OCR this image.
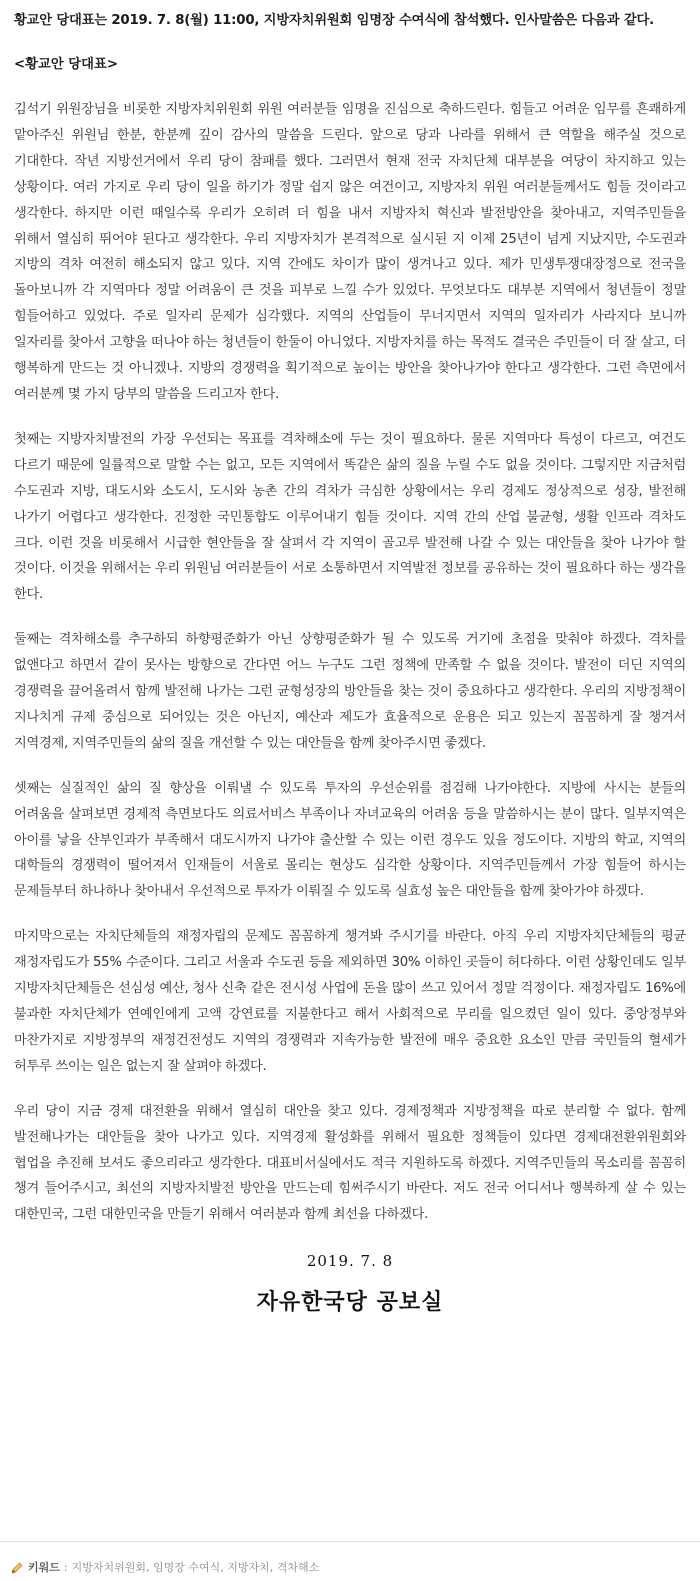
황교안 당대표는 2019. 7. 8(월) 11:00, 지방자치위원회 임명장 수여식에 참석했다. 인사말씀은 다음과 같다.

<황교안 당대표>

김석기 위원장님을 비롯한 지방자치위원회 위원 여러분들 임명을 진심으로 축하드린다. 힘들고 어려운 임무를 흔쾌하게 맡아주신 위원님 한분, 한분께 깊이 감사의 말씀을 드린다. 앞으로 당과 나라를 위해서 큰 역할을 해주실 것으로 기대한다. 작년 지방선거에서 우리 당이 참패를 했다. 그러면서 현재 전국 자치단체 대부분을 여당이 차지하고 있는 상황이다. 여러 가지로 우리 당이 일을 하기가 정말 쉽지 않은 여건이고, 지방자치 위원 여러분들께서도 힘들 것이라고 생각한다. 하지만 이런 때일수록 우리가 오히려 더 힘을 내서 지방자치 혁신과 발전방안을 찾아내고, 지역주민들을 위해서 열심히 뛰어야 된다고 생각한다. 우리 지방자치가 본격적으로 실시된 지 이제 25년이 넘게 지났지만, 수도권과 지방의 격차 여전히 해소되지 않고 있다. 지역 간에도 차이가 많이 생겨나고 있다. 제가 민생투쟁대장정으로 전국을 돌아보니까 각 지역마다 정말 어려움이 큰 것을 피부로 느낄 수가 있었다. 무엇보다도 대부분 지역에서 청년들이 정말 힘들어하고 있었다. 주로 일자리 문제가 심각했다. 지역의 산업들이 무너지면서 지역의 일자리가 사라지다 보니까 일자리를 찾아서 고향을 떠나야 하는 청년들이 한둘이 아니었다. 지방자치를 하는 목적도 결국은 주민들이 더 잘 살고, 더 행복하게 만드는 것 아니겠나. 지방의 경쟁력을 획기적으로 높이는 방안을 찾아나가야 한다고 생각한다. 그런 측면에서 여러분께 몇 가지 당부의 말씀을 드리고자 한다.

첫째는 지방자치발전의 가장 우선되는 목표를 격차해소에 두는 것이 필요하다. 물론 지역마다 특성이 다르고, 여건도 다르기 때문에 일률적으로 말할 수는 없고, 모든 지역에서 똑같은 삶의 질을 누릴 수도 없을 것이다. 그렇지만 지금처럼 수도권과 지방, 대도시와 소도시, 도시와 농촌 간의 격차가 극심한 상황에서는 우리 경제도 정상적으로 성장, 발전해 나가기 어렵다고 생각한다. 진정한 국민통합도 이루어내기 힘들 것이다. 지역 간의 산업 불균형, 생활 인프라 격차도 크다. 이런 것을 비롯해서 시급한 현안들을 잘 살펴서 각 지역이 골고루 발전해 나갈 수 있는 대안들을 찾아 나가야 할 것이다. 이것을 위해서는 우리 위원님 여러분들이 서로 소통하면서 지역발전 정보를 공유하는 것이 필요하다 하는 생각을 한다.

둘째는 격차해소를 추구하되 하향평준화가 아닌 상향평준화가 될 수 있도록 거기에 초점을 맞춰야 하겠다. 격차를 없앤다고 하면서 같이 못사는 방향으로 간다면 어느 누구도 그런 정책에 만족할 수 없을 것이다. 발전이 더딘 지역의 경쟁력을 끌어올려서 함께 발전해 나가는 그런 균형성장의 방안들을 찾는 것이 중요하다고 생각한다. 우리의 지방정책이 지나치게 규제 중심으로 되어있는 것은 아닌지, 예산과 제도가 효율적으로 운용은 되고 있는지 꼼꼼하게 잘 챙겨서 지역경제, 지역주민들의 삶의 질을 개선할 수 있는 대안들을 함께 찾아주시면 좋겠다.

셋째는 실질적인 삶의 질 향상을 이뤄낼 수 있도록 투자의 우선순위를 점검해 나가야한다. 지방에 사시는 분들의 어려움을 살펴보면 경제적 측면보다도 의료서비스 부족이나 자녀교육의 어려움 등을 말씀하시는 분이 많다. 일부지역은 아이를 낳을 산부인과가 부족해서 대도시까지 나가야 출산할 수 있는 이런 경우도 있을 정도이다. 지방의 학교, 지역의 대학들의 경쟁력이 떨어져서 인재들이 서울로 몰리는 현상도 심각한 상황이다. 지역주민들께서 가장 힘들어 하시는 문제들부터 하나하나 찾아내서 우선적으로 투자가 이뤄질 수 있도록 실효성 높은 대안들을 함께 찾아가야 하겠다.

마지막으로는 자치단체들의 재정자립의 문제도 꼼꼼하게 챙겨봐 주시기를 바란다. 아직 우리 지방자치단체들의 평균 재정자립도가 55% 수준이다. 그리고 서울과 수도권 등을 제외하면 30% 이하인 곳들이 허다하다. 이런 상황인데도 일부 지방자치단체들은 선심성 예산, 청사 신축 같은 전시성 사업에 돈을 많이 쓰고 있어서 정말 걱정이다. 재정자립도 16%에 불과한 자치단체가 연예인에게 고액 강연료를 지불한다고 해서 사회적으로 무리를 일으켰던 일이 있다. 중앙정부와 마찬가지로 지방정부의 재정건전성도 지역의 경쟁력과 지속가능한 발전에 매우 중요한 요소인 만큼 국민들의 혈세가 허투루 쓰이는 일은 없는지 잘 살펴야 하겠다.

우리 당이 지금 경제 대전환을 위해서 열심히 대안을 찾고 있다. 경제정책과 지방정책을 따로 분리할 수 없다. 함께 발전해나가는 대안들을 찾아 나가고 있다. 지역경제 활성화를 위해서 필요한 정책들이 있다면 경제대전환위원회와 협업을 추진해 보셔도 좋으리라고 생각한다. 대표비서실에서도 적극 지원하도록 하겠다. 지역주민들의 목소리를 꼼꼼히 챙겨 들어주시고, 최선의 지방자치발전 방안을 만드는데 힘써주시기 바란다. 저도 전국 어디서나 행복하게 살 수 있는 대한민국, 그런 대한민국을 만들기 위해서 여러분과 함께 최선을 다하겠다.

2019. 7. 8
자유한국당 공보실
키워드 : 지방자치위원회, 임명장 수여식, 지방자치, 격차해소
